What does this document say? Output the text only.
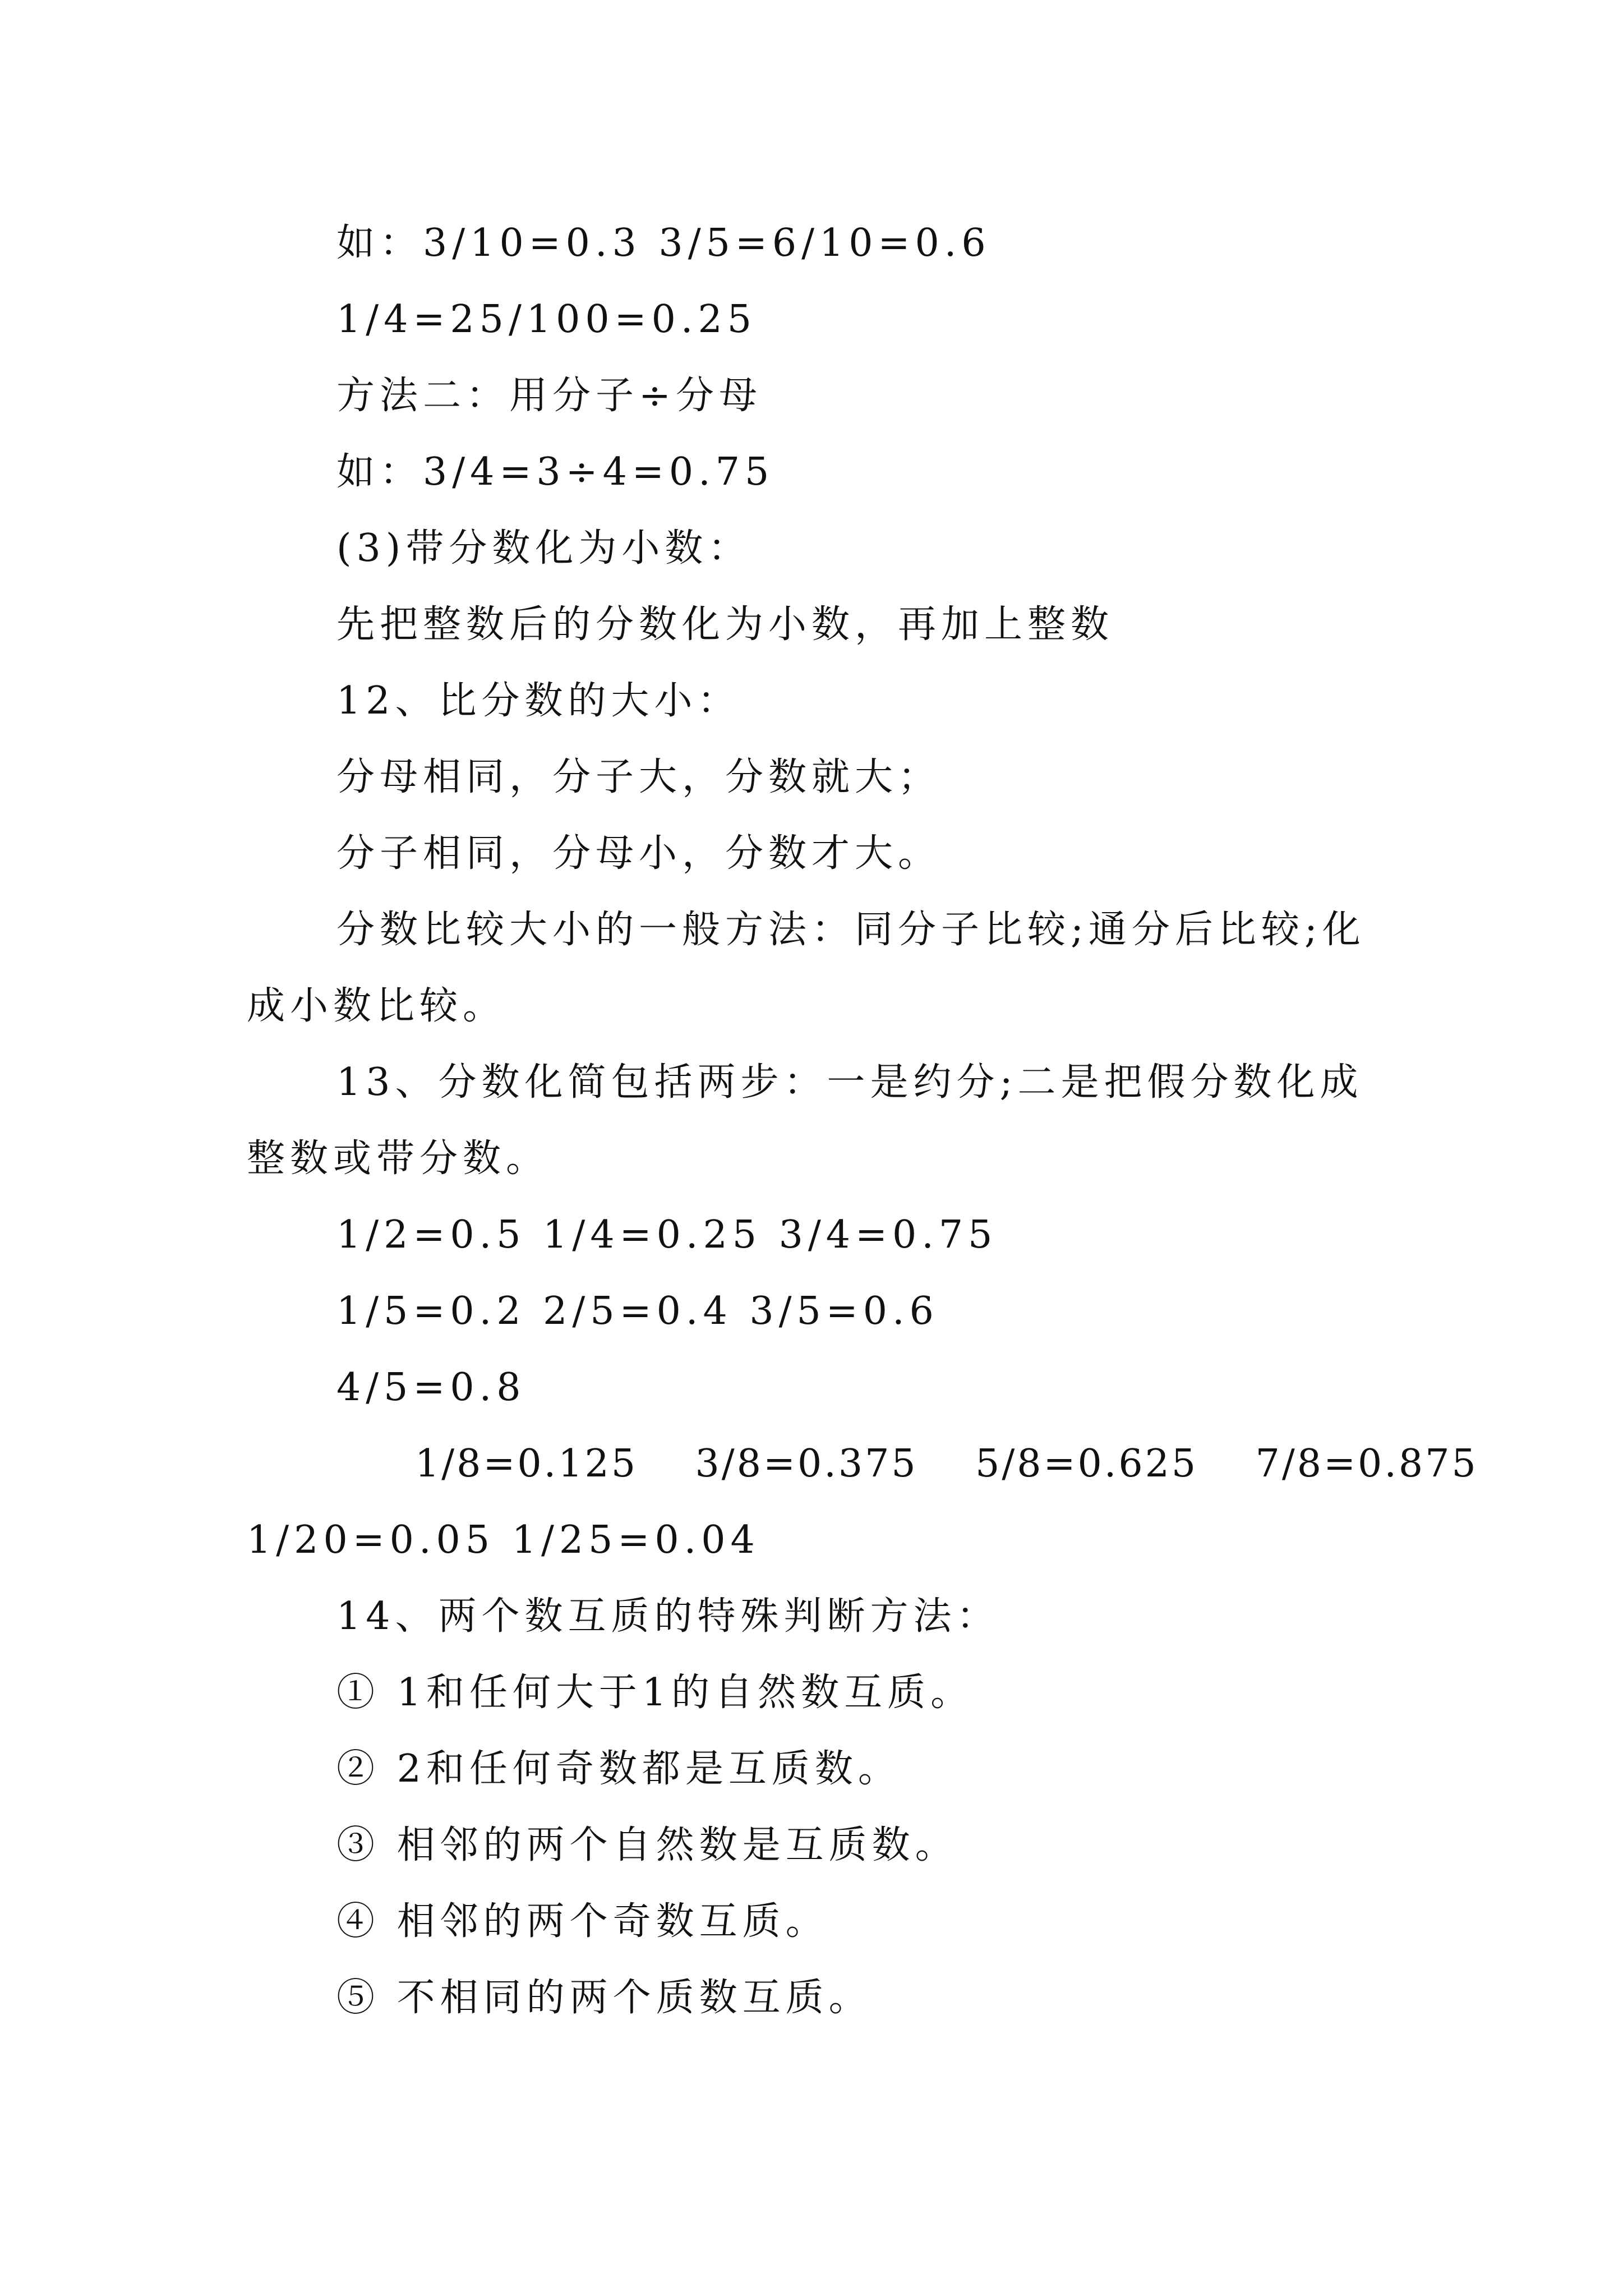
如：3/10=0.3 3/5=6/10=0.6
1/4=25/100=0.25
方法二：用分子÷分母
如：3/4=3÷4=0.75
(3)带分数化为小数：
先把整数后的分数化为小数，再加上整数
12、比分数的大小：
分母相同，分子大，分数就大；
分子相同，分母小，分数才大。
分数比较大小的一般方法：同分子比较;通分后比较;化
成小数比较。
13、分数化简包括两步：一是约分;二是把假分数化成
整数或带分数。
1/2=0.5 1/4=0.25 3/4=0.75
1/5=0.2 2/5=0.4 3/5=0.6
4/5=0.8
1/8=0.125    3/8=0.375    5/8=0.625    7/8=0.875
1/20=0.05 1/25=0.04
14、两个数互质的特殊判断方法：
① 1和任何大于1的自然数互质。
② 2和任何奇数都是互质数。
③ 相邻的两个自然数是互质数。
④ 相邻的两个奇数互质。
⑤ 不相同的两个质数互质。
